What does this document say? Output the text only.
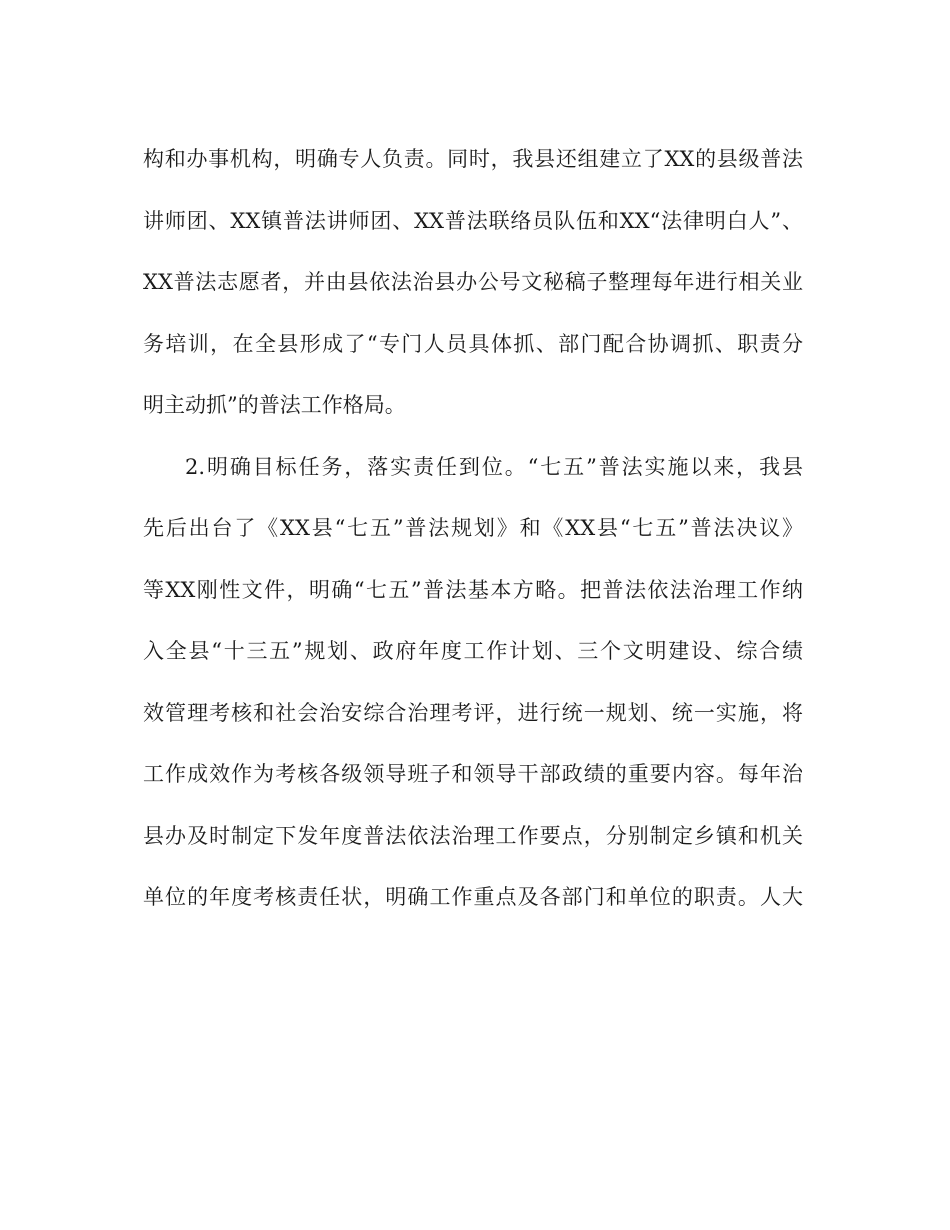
构和办事机构，明确专人负责。同时，我县还组建立了XX的县级普法
讲师团、XX镇普法讲师团、XX普法联络员队伍和XX“法律明白人”、
XX普法志愿者，并由县依法治县办公号文秘稿子整理每年进行相关业
务培训，在全县形成了“专门人员具体抓、部门配合协调抓、职责分
明主动抓”的普法工作格局。
2.明确目标任务，落实责任到位。“七五”普法实施以来，我县
先后出台了《XX县“七五”普法规划》和《XX县“七五”普法决议》
等XX刚性文件，明确“七五”普法基本方略。把普法依法治理工作纳
入全县“十三五”规划、政府年度工作计划、三个文明建设、综合绩
效管理考核和社会治安综合治理考评，进行统一规划、统一实施，将
工作成效作为考核各级领导班子和领导干部政绩的重要内容。每年治
县办及时制定下发年度普法依法治理工作要点，分别制定乡镇和机关
单位的年度考核责任状，明确工作重点及各部门和单位的职责。人大
